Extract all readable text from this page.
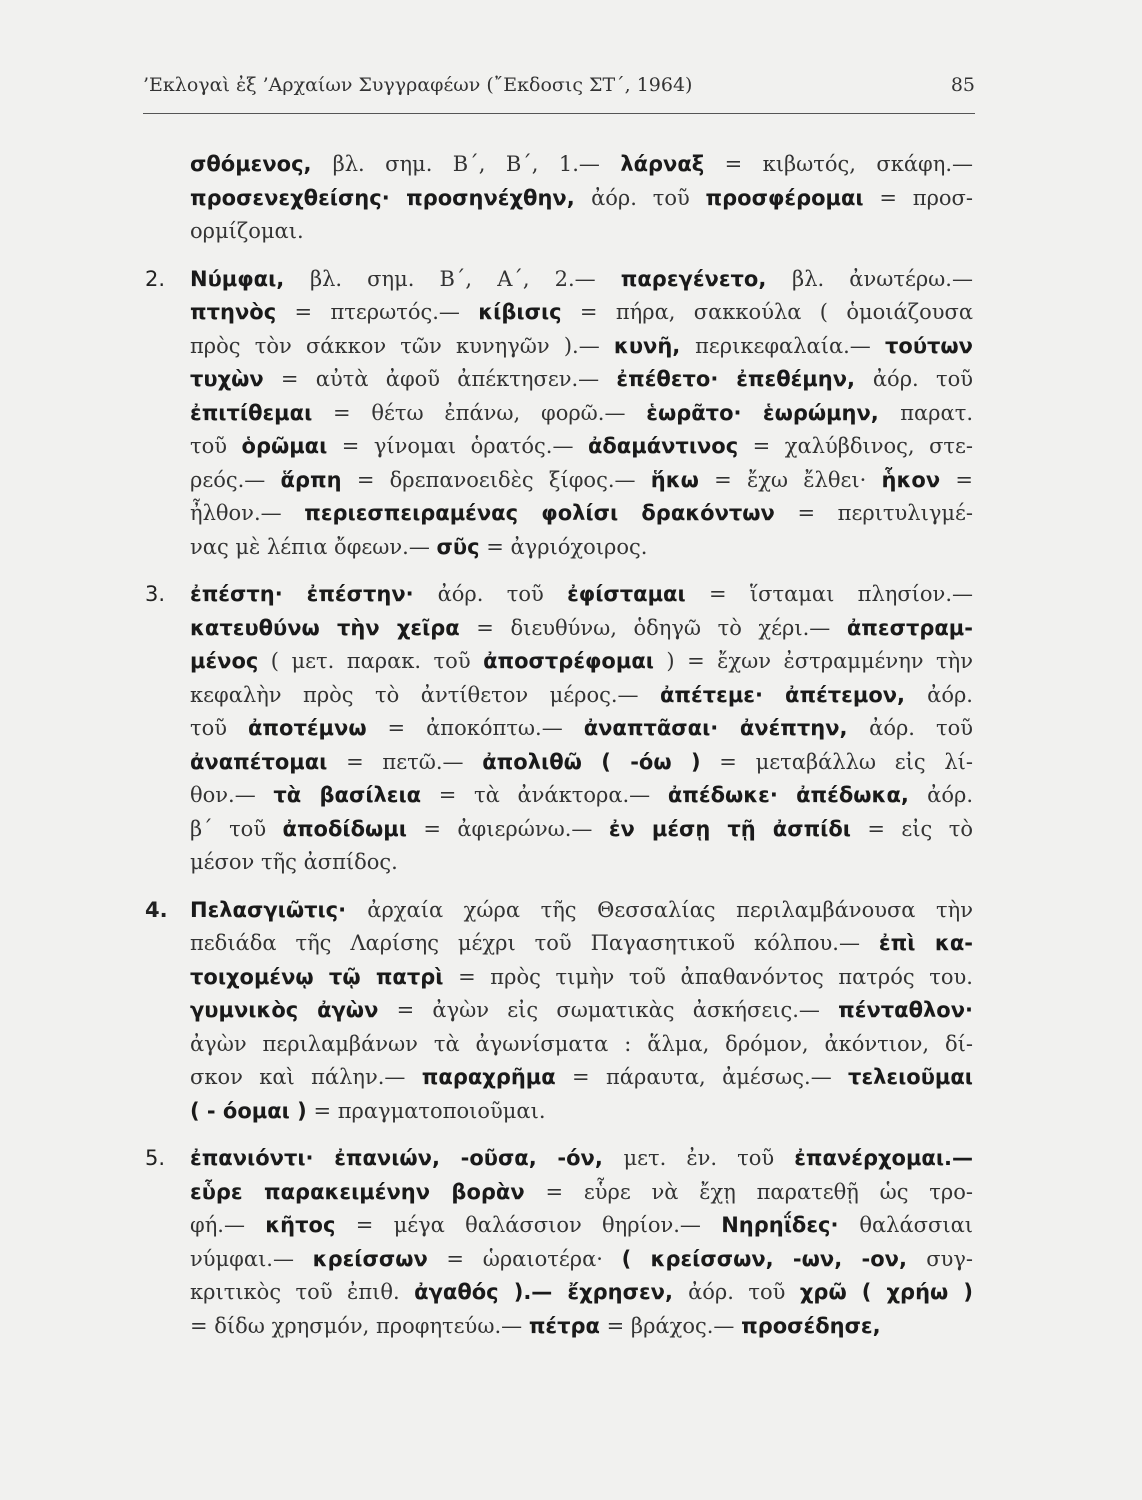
’Εκλογαὶ ἐξ ’Αρχαίων Συγγραφέων (῎Εκδοσις ΣΤ΄, 1964)	85
σθόμενος, βλ. σημ. Β΄, Β΄, 1.— λάρναξ = κιβωτός, σκάφη.—
προσενεχθείσης· προσηνέχθην, ἀόρ. τοῦ προσφέρομαι = προσ-
ορμίζομαι.
2. Νύμφαι, βλ. σημ. Β΄, Α΄, 2.— παρεγένετο, βλ. ἀνωτέρω.—
πτηνὸς = πτερωτός.— κίβισις = πήρα, σακκούλα ( ὁμοιάζουσα
πρὸς τὸν σάκκον τῶν κυνηγῶν ).— κυνῆ, περικεφαλαία.— τούτων
τυχὼν = αὐτὰ ἀφοῦ ἀπέκτησεν.— ἐπέθετο· ἐπεθέμην, ἀόρ. τοῦ
ἐπιτίθεμαι = θέτω ἐπάνω, φορῶ.— ἑωρᾶτο· ἑωρώμην, παρατ.
τοῦ ὁρῶμαι = γίνομαι ὁρατός.— ἀδαμάντινος = χαλύβδινος, στε-
ρεός.— ἅρπη = δρεπανοειδὲς ξίφος.— ἥκω = ἔχω ἔλθει· ἧκον =
ἦλθον.— περιεσπειραμένας φολίσι δρακόντων = περιτυλιγμέ-
νας μὲ λέπια ὄφεων.— σῦς = ἀγριόχοιρος.
3. ἐπέστη· ἐπέστην· ἀόρ. τοῦ ἐφίσταμαι = ἵσταμαι πλησίον.—
κατευθύνω τὴν χεῖρα = διευθύνω, ὁδηγῶ τὸ χέρι.— ἀπεστραμ-
μένος ( μετ. παρακ. τοῦ ἀποστρέφομαι ) = ἔχων ἐστραμμένην τὴν
κεφαλὴν πρὸς τὸ ἀντίθετον μέρος.— ἀπέτεμε· ἀπέτεμον, ἀόρ.
τοῦ ἀποτέμνω = ἀποκόπτω.— ἀναπτᾶσαι· ἀνέπτην, ἀόρ. τοῦ
ἀναπέτομαι = πετῶ.— ἀπολιθῶ ( -όω ) = μεταβάλλω εἰς λί-
θον.— τὰ βασίλεια = τὰ ἀνάκτορα.— ἀπέδωκε· ἀπέδωκα, ἀόρ.
β΄ τοῦ ἀποδίδωμι = ἀφιερώνω.— ἐν μέσῃ τῇ ἀσπίδι = εἰς τὸ
μέσον τῆς ἀσπίδος.
4. Πελασγιῶτις· ἀρχαία χώρα τῆς Θεσσαλίας περιλαμβάνουσα τὴν
πεδιάδα τῆς Λαρίσης μέχρι τοῦ Παγασητικοῦ κόλπου.— ἐπὶ κα-
τοιχομένῳ τῷ πατρὶ = πρὸς τιμὴν τοῦ ἀπαθανόντος πατρός του.
γυμνικὸς ἀγὼν = ἀγὼν εἰς σωματικὰς ἀσκήσεις.— πένταθλον·
ἀγὼν περιλαμβάνων τὰ ἀγωνίσματα : ἅλμα, δρόμον, ἀκόντιον, δί-
σκον καὶ πάλην.— παραχρῆμα = πάραυτα, ἀμέσως.— τελειοῦμαι
( - όομαι ) = πραγματοποιοῦμαι.
5. ἐπανιόντι· ἐπανιών, -οῦσα, -όν, μετ. ἐν. τοῦ ἐπανέρχομαι.—
εὗρε παρακειμένην βορὰν = εὗρε νὰ ἔχῃ παρατεθῇ ὡς τρο-
φή.— κῆτος = μέγα θαλάσσιον θηρίον.— Νηρηΐδες· θαλάσσιαι
νύμφαι.— κρείσσων = ὡραιοτέρα· ( κρείσσων, -ων, -ον, συγ-
κριτικὸς τοῦ ἐπιθ. ἀγαθός ).— ἔχρησεν, ἀόρ. τοῦ χρῶ ( χρήω )
= δίδω χρησμόν, προφητεύω.— πέτρα = βράχος.— προσέδησε,
